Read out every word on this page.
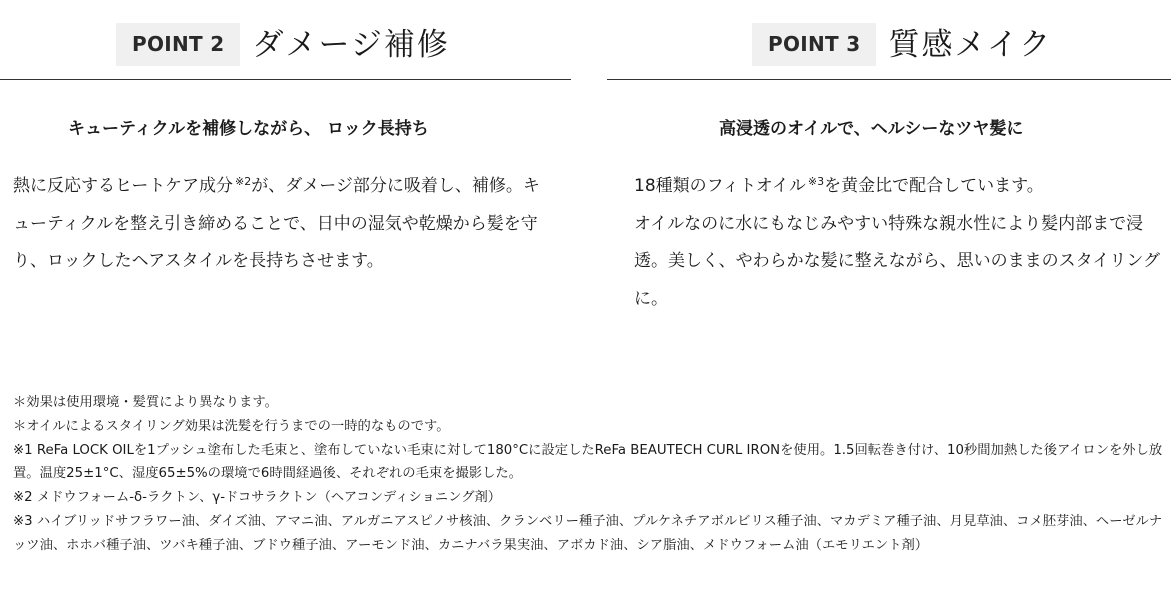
POINT 2 ダメージ補修
キューティクルを補修しながら、 ロック長持ち
熱に反応するヒートケア成分 $^{※2}$が、ダメージ部分に吸着し、補修。キューティクルを整え引き締めることで、日中の湿気や乾燥から髪を守り、ロックしたヘアスタイルを長持ちさせます。
POINT 3 質感メイク
高浸透のオイルで、ヘルシーなツヤ髪に
18種類のフィトオイル $^{※3}$を黄金比で配合しています。
オイルなのに水にもなじみやすい特殊な親水性により髪内部まで浸透。美しく、やわらかな髪に整えながら、思いのままのスタイリングに。
＊効果は使用環境・髪質により異なります。
＊オイルによるスタイリング効果は洗髪を行うまでの一時的なものです。
※1 ReFa LOCK OILを1プッシュ塗布した毛束と、塗布していない毛束に対して180°Cに設定したReFa BEAUTECH CURL IRONを使用。1.5回転巻き付け、10秒間加熱した後アイロンを外し放置。温度25±1°C、湿度65±5%の環境で6時間経過後、それぞれの毛束を撮影した。
※2 メドウフォーム-δ-ラクトン、γ-ドコサラクトン（ヘアコンディショニング剤）
※3 ハイブリッドサフラワー油、ダイズ油、アマニ油、アルガニアスピノサ核油、クランベリー種子油、プルケネチアボルビリス種子油、マカデミア種子油、月見草油、コメ胚芽油、ヘーゼルナッツ油、ホホバ種子油、ツバキ種子油、ブドウ種子油、アーモンド油、カニナバラ果実油、アボカド油、シア脂油、メドウフォーム油（エモリエント剤）
